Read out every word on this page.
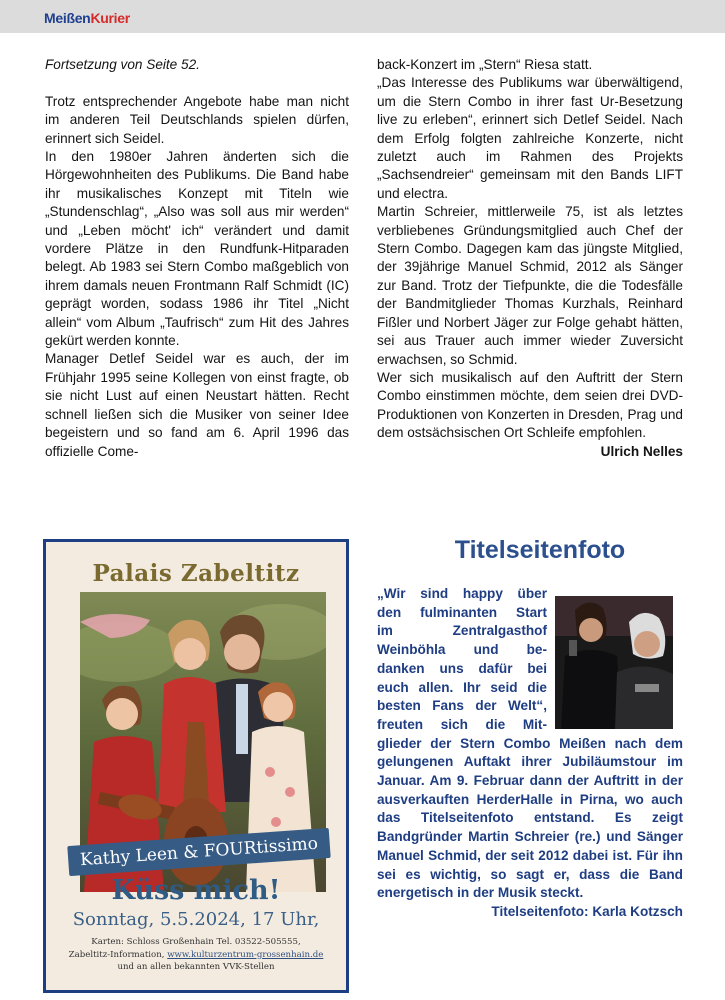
MeißenKurier

Fortsetzung von Seite 52.

Trotz entsprechender Angebote habe man nicht im anderen Teil Deutschlands spielen dürfen, erinnert sich Seidel.

In den 1980er Jahren änderten sich die Hörgewohnheiten des Publikums. Die Band habe ihr musikalisches Konzept mit Titeln wie „Stundenschlag“, „Also was soll aus mir werden“ und „Leben möcht' ich“ verändert und damit vordere Plätze in den Rundfunk-Hitparaden belegt. Ab 1983 sei Stern Combo maßgeblich von ihrem damals neuen Frontmann Ralf Schmidt (IC) geprägt worden, sodass 1986 ihr Titel „Nicht allein“ vom Album „Taufrisch“ zum Hit des Jahres gekürt werden konnte.

Manager Detlef Seidel war es auch, der im Frühjahr 1995 seine Kollegen von einst fragte, ob sie nicht Lust auf einen Neustart hätten. Recht schnell ließen sich die Musiker von seiner Idee begeistern und so fand am 6. April 1996 das offizielle Come-

back-Konzert im „Stern“ Riesa statt.

„Das Interesse des Publikums war überwältigend, um die Stern Combo in ihrer fast Ur-Besetzung live zu erleben“, erinnert sich Detlef Seidel. Nach dem Erfolg folgten zahlreiche Konzerte, nicht zuletzt auch im Rahmen des Projekts „Sachsendreier“ gemeinsam mit den Bands LIFT und electra.

Martin Schreier, mittlerweile 75, ist als letztes verbliebenes Gründungsmitglied auch Chef der Stern Combo. Dagegen kam das jüngste Mitglied, der 39jährige Manuel Schmid, 2012 als Sänger zur Band. Trotz der Tiefpunkte, die die Todesfälle der Bandmitglieder Thomas Kurzhals, Reinhard Fißler und Norbert Jäger zur Folge gehabt hätten, sei aus Trauer auch immer wieder Zuversicht erwachsen, so Schmid.

Wer sich musikalisch auf den Auftritt der Stern Combo einstimmen möchte, dem seien drei DVD-Produktionen von Konzerten in Dresden, Prag und dem ostsächsischen Ort Schleife empfohlen.

Ulrich Nelles
Palais Zabeltitz
Kathy Leen & FOURtissimo
Küss mich!
Sonntag, 5.5.2024, 17 Uhr,
Karten: Schloss Großenhain Tel. 03522-505555,
Zabeltitz-Information, www.kulturzentrum-grossenhain.de
und an allen bekannten VVK-Stellen
Titelseitenfoto
„Wir sind happy über
den fulminanten Start
im Zentralgasthof
Weinböhla und be-
danken uns dafür bei
euch allen. Ihr seid die
besten Fans der Welt“,
freuten sich die Mit-

glieder der Stern Combo Meißen nach dem gelungenen Auftakt ihrer Jubiläumstour im Januar. Am 9. Februar dann der Auftritt in der ausverkauften HerderHalle in Pirna, wo auch das Titelseitenfoto entstand. Es zeigt Bandgründer Martin Schreier (re.) und Sänger Manuel Schmid, der seit 2012 dabei ist. Für ihn sei es wichtig, so sagt er, dass die Band energetisch in der Musik steckt.

Titelseitenfoto: Karla Kotzsch
